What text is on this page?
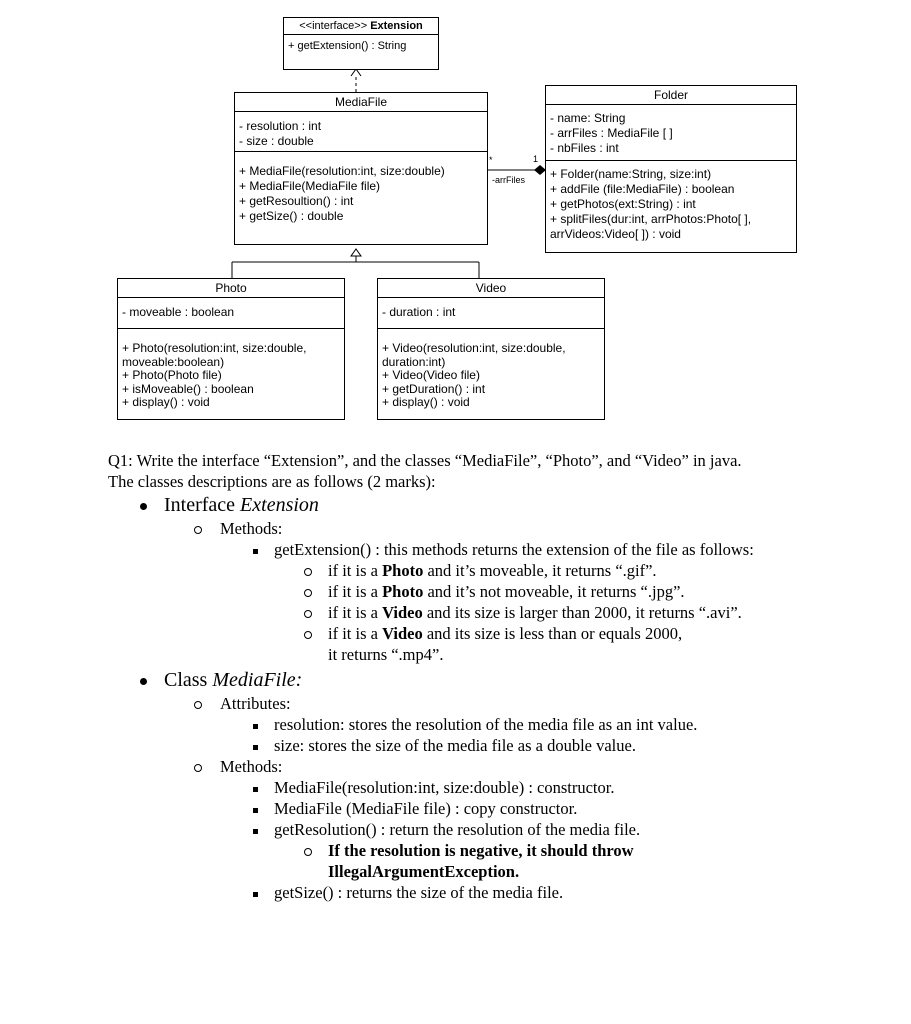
*	1
-arrFiles
<<interface>> Extension
+ getExtension() : String
MediaFile
- resolution : int
- size : double
+ MediaFile(resolution:int, size:double)
+ MediaFile(MediaFile file)
+ getResoultion() : int
+ getSize() : double
Folder
- name: String
- arrFiles : MediaFile [ ]
- nbFiles : int
+ Folder(name:String, size:int)
+ addFile (file:MediaFile) : boolean
+ getPhotos(ext:String) : int
+ splitFiles(dur:int, arrPhotos:Photo[ ],
arrVideos:Video[ ]) : void
Photo
- moveable : boolean
+ Photo(resolution:int, size:double,
moveable:boolean)
+ Photo(Photo file)
+ isMoveable() : boolean
+ display() : void
Video
- duration : int
+ Video(resolution:int, size:double,
duration:int)
+ Video(Video file)
+ getDuration() : int
+ display() : void

Q1: Write the interface “Extension”, and the classes “MediaFile”, “Photo”, and “Video” in java.

The classes descriptions are as follows (2 marks):

Interface Extension
Methods:
getExtension() : this methods returns the extension of the file as follows:
if it is a Photo and it’s moveable, it returns “.gif”.
if it is a Photo and it’s not moveable, it returns “.jpg”.
if it is a Video and its size is larger than 2000, it returns “.avi”.
if it is a Video and its size is less than or equals 2000,
it returns “.mp4”.
Class MediaFile:
Attributes:
resolution: stores the resolution of the media file as an int value.
size: stores the size of the media file as a double value.
Methods:
MediaFile(resolution:int, size:double) : constructor.
MediaFile (MediaFile file) : copy constructor.
getResolution() : return the resolution of the media file.
If the resolution is negative, it should throw
IllegalArgumentException.
getSize() : returns the size of the media file.
